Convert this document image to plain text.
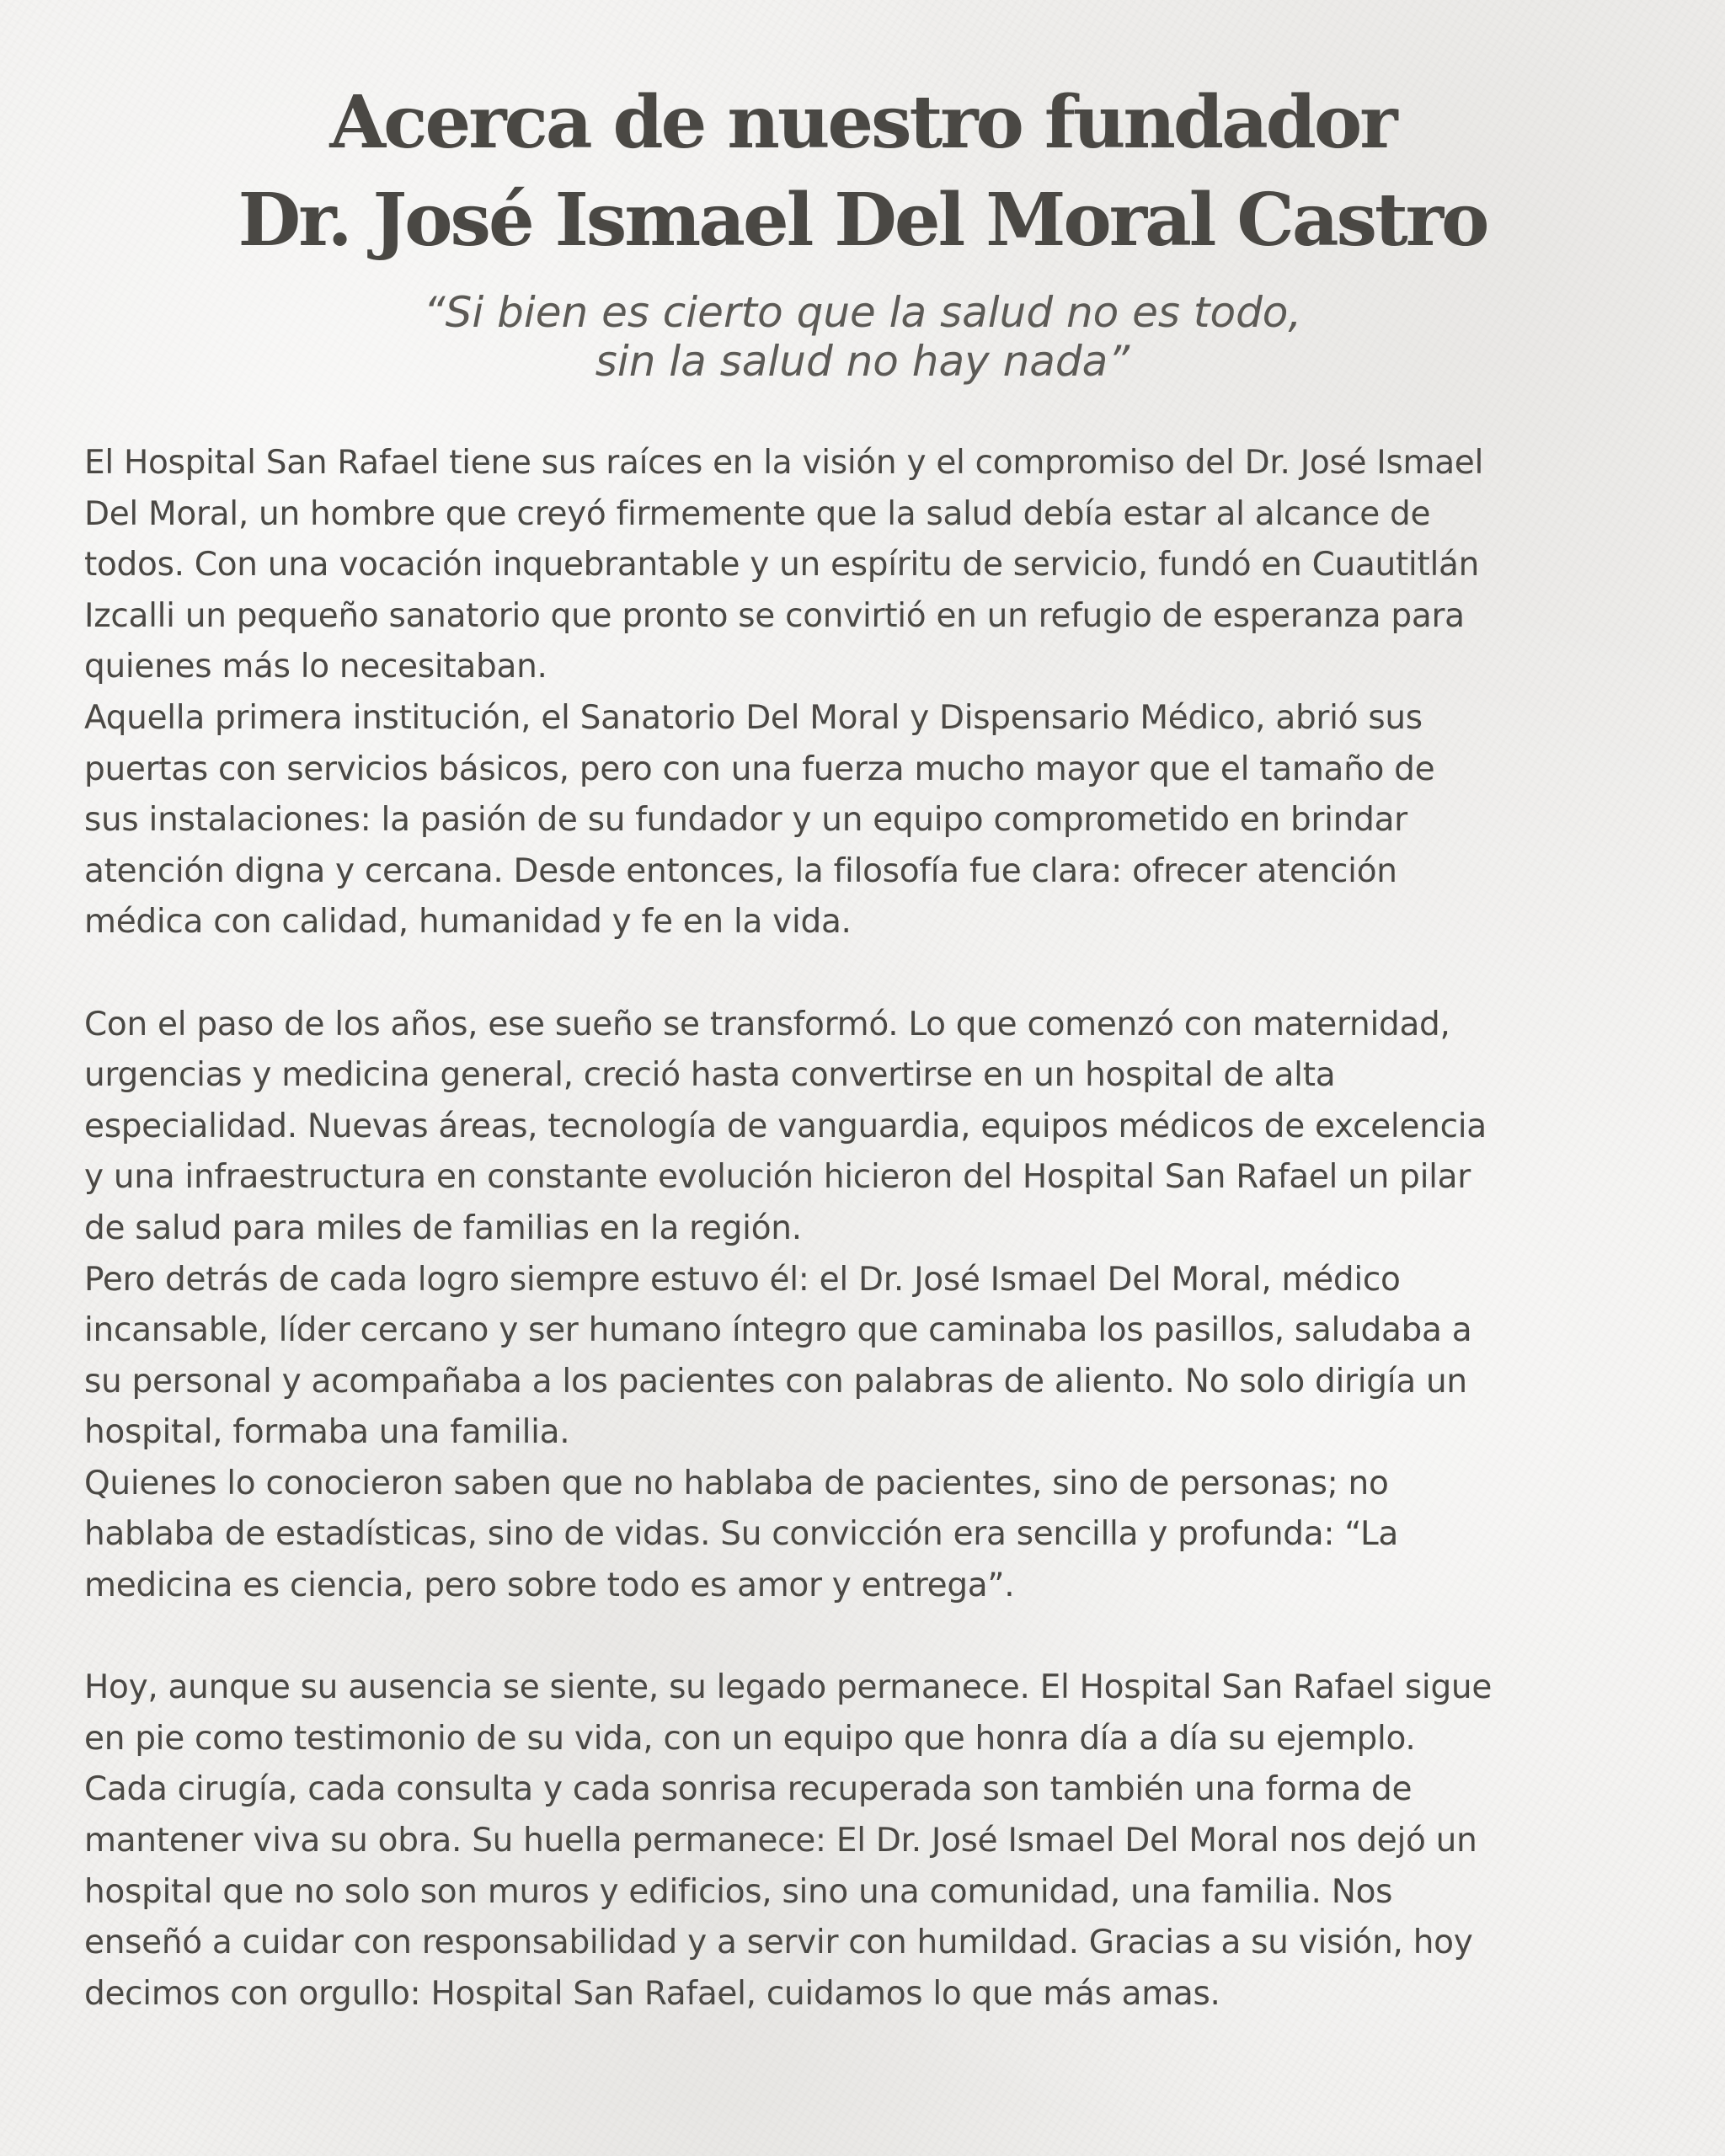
Acerca de nuestro fundador
Dr. José Ismael Del Moral Castro
“Si bien es cierto que la salud no es todo,
sin la salud no hay nada”
El Hospital San Rafael tiene sus raíces en la visión y el compromiso del Dr. José Ismael
Del Moral, un hombre que creyó firmemente que la salud debía estar al alcance de
todos. Con una vocación inquebrantable y un espíritu de servicio, fundó en Cuautitlán
Izcalli un pequeño sanatorio que pronto se convirtió en un refugio de esperanza para
quienes más lo necesitaban.
Aquella primera institución, el Sanatorio Del Moral y Dispensario Médico, abrió sus
puertas con servicios básicos, pero con una fuerza mucho mayor que el tamaño de
sus instalaciones: la pasión de su fundador y un equipo comprometido en brindar
atención digna y cercana. Desde entonces, la filosofía fue clara: ofrecer atención
médica con calidad, humanidad y fe en la vida.
Con el paso de los años, ese sueño se transformó. Lo que comenzó con maternidad,
urgencias y medicina general, creció hasta convertirse en un hospital de alta
especialidad. Nuevas áreas, tecnología de vanguardia, equipos médicos de excelencia
y una infraestructura en constante evolución hicieron del Hospital San Rafael un pilar
de salud para miles de familias en la región.
Pero detrás de cada logro siempre estuvo él: el Dr. José Ismael Del Moral, médico
incansable, líder cercano y ser humano íntegro que caminaba los pasillos, saludaba a
su personal y acompañaba a los pacientes con palabras de aliento. No solo dirigía un
hospital, formaba una familia.
Quienes lo conocieron saben que no hablaba de pacientes, sino de personas; no
hablaba de estadísticas, sino de vidas. Su convicción era sencilla y profunda: “La
medicina es ciencia, pero sobre todo es amor y entrega”.
Hoy, aunque su ausencia se siente, su legado permanece. El Hospital San Rafael sigue
en pie como testimonio de su vida, con un equipo que honra día a día su ejemplo.
Cada cirugía, cada consulta y cada sonrisa recuperada son también una forma de
mantener viva su obra. Su huella permanece: El Dr. José Ismael Del Moral nos dejó un
hospital que no solo son muros y edificios, sino una comunidad, una familia. Nos
enseñó a cuidar con responsabilidad y a servir con humildad. Gracias a su visión, hoy
decimos con orgullo: Hospital San Rafael, cuidamos lo que más amas.
